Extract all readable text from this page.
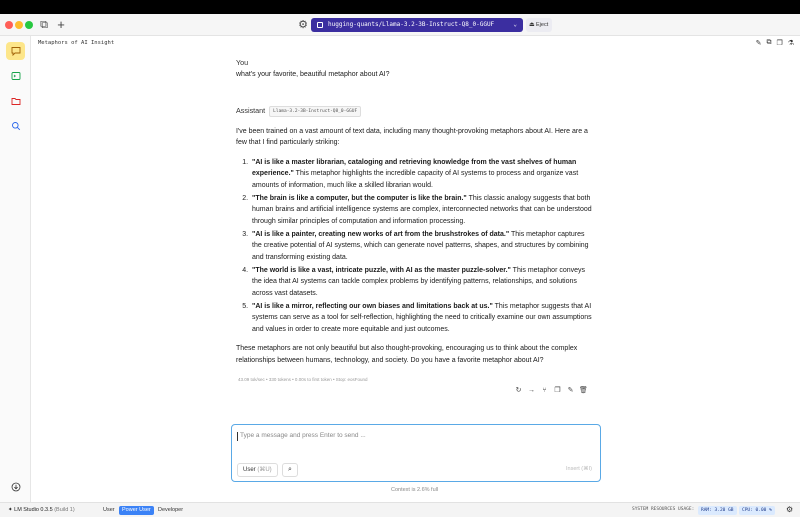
⧉ +	⚙	hugging-quants/Llama-3.2-3B-Instruct-Q8_0-GGUF	⌄ ⏏ Eject
Metaphors of AI Insight	✎ ⧉ ❐ ⚗
You
what's your favorite, beautiful metaphor about AI?
Assistant Llama-3.2-3B-Instruct-Q8_0-GGUF
I've been trained on a vast amount of text data, including many thought-provoking metaphors about AI. Here are a few that I find particularly striking:
1. "AI is like a master librarian, cataloging and retrieving knowledge from the vast shelves of human experience." This metaphor highlights the incredible capacity of AI systems to process and organize vast amounts of information, much like a skilled librarian would.
2. "The brain is like a computer, but the computer is like the brain." This classic analogy suggests that both human brains and artificial intelligence systems are complex, interconnected networks that can be understood through similar principles of computation and information processing.
3. "AI is like a painter, creating new works of art from the brushstrokes of data." This metaphor captures the creative potential of AI systems, which can generate novel patterns, shapes, and structures by combining and transforming existing data.
4. "The world is like a vast, intricate puzzle, with AI as the master puzzle-solver." This metaphor conveys the idea that AI systems can tackle complex problems by identifying patterns, relationships, and solutions across vast datasets.
5. "AI is like a mirror, reflecting our own biases and limitations back at us." This metaphor suggests that AI systems can serve as a tool for self-reflection, highlighting the need to critically examine our own assumptions and values in order to create more equitable and just outcomes.
These metaphors are not only beautiful but also thought-provoking, encouraging us to think about the complex relationships between humans, technology, and society. Do you have a favorite metaphor about AI?
43.09 tok/sec • 330 tokens • 0.00s to first token • Stop: eosFound
↻ →	⑂	❐ ✎ 🗑
Type a message and press Enter to send ...
User (⌘U)	⌕	Insert (⌘I)
Context is 2.6% full
✦ LM Studio 0.3.5 (Build 1)	User	Power User	Developer	SYSTEM RESOURCES USAGE:	RAM: 3.20 GB	CPU: 0.00 %	⚙
